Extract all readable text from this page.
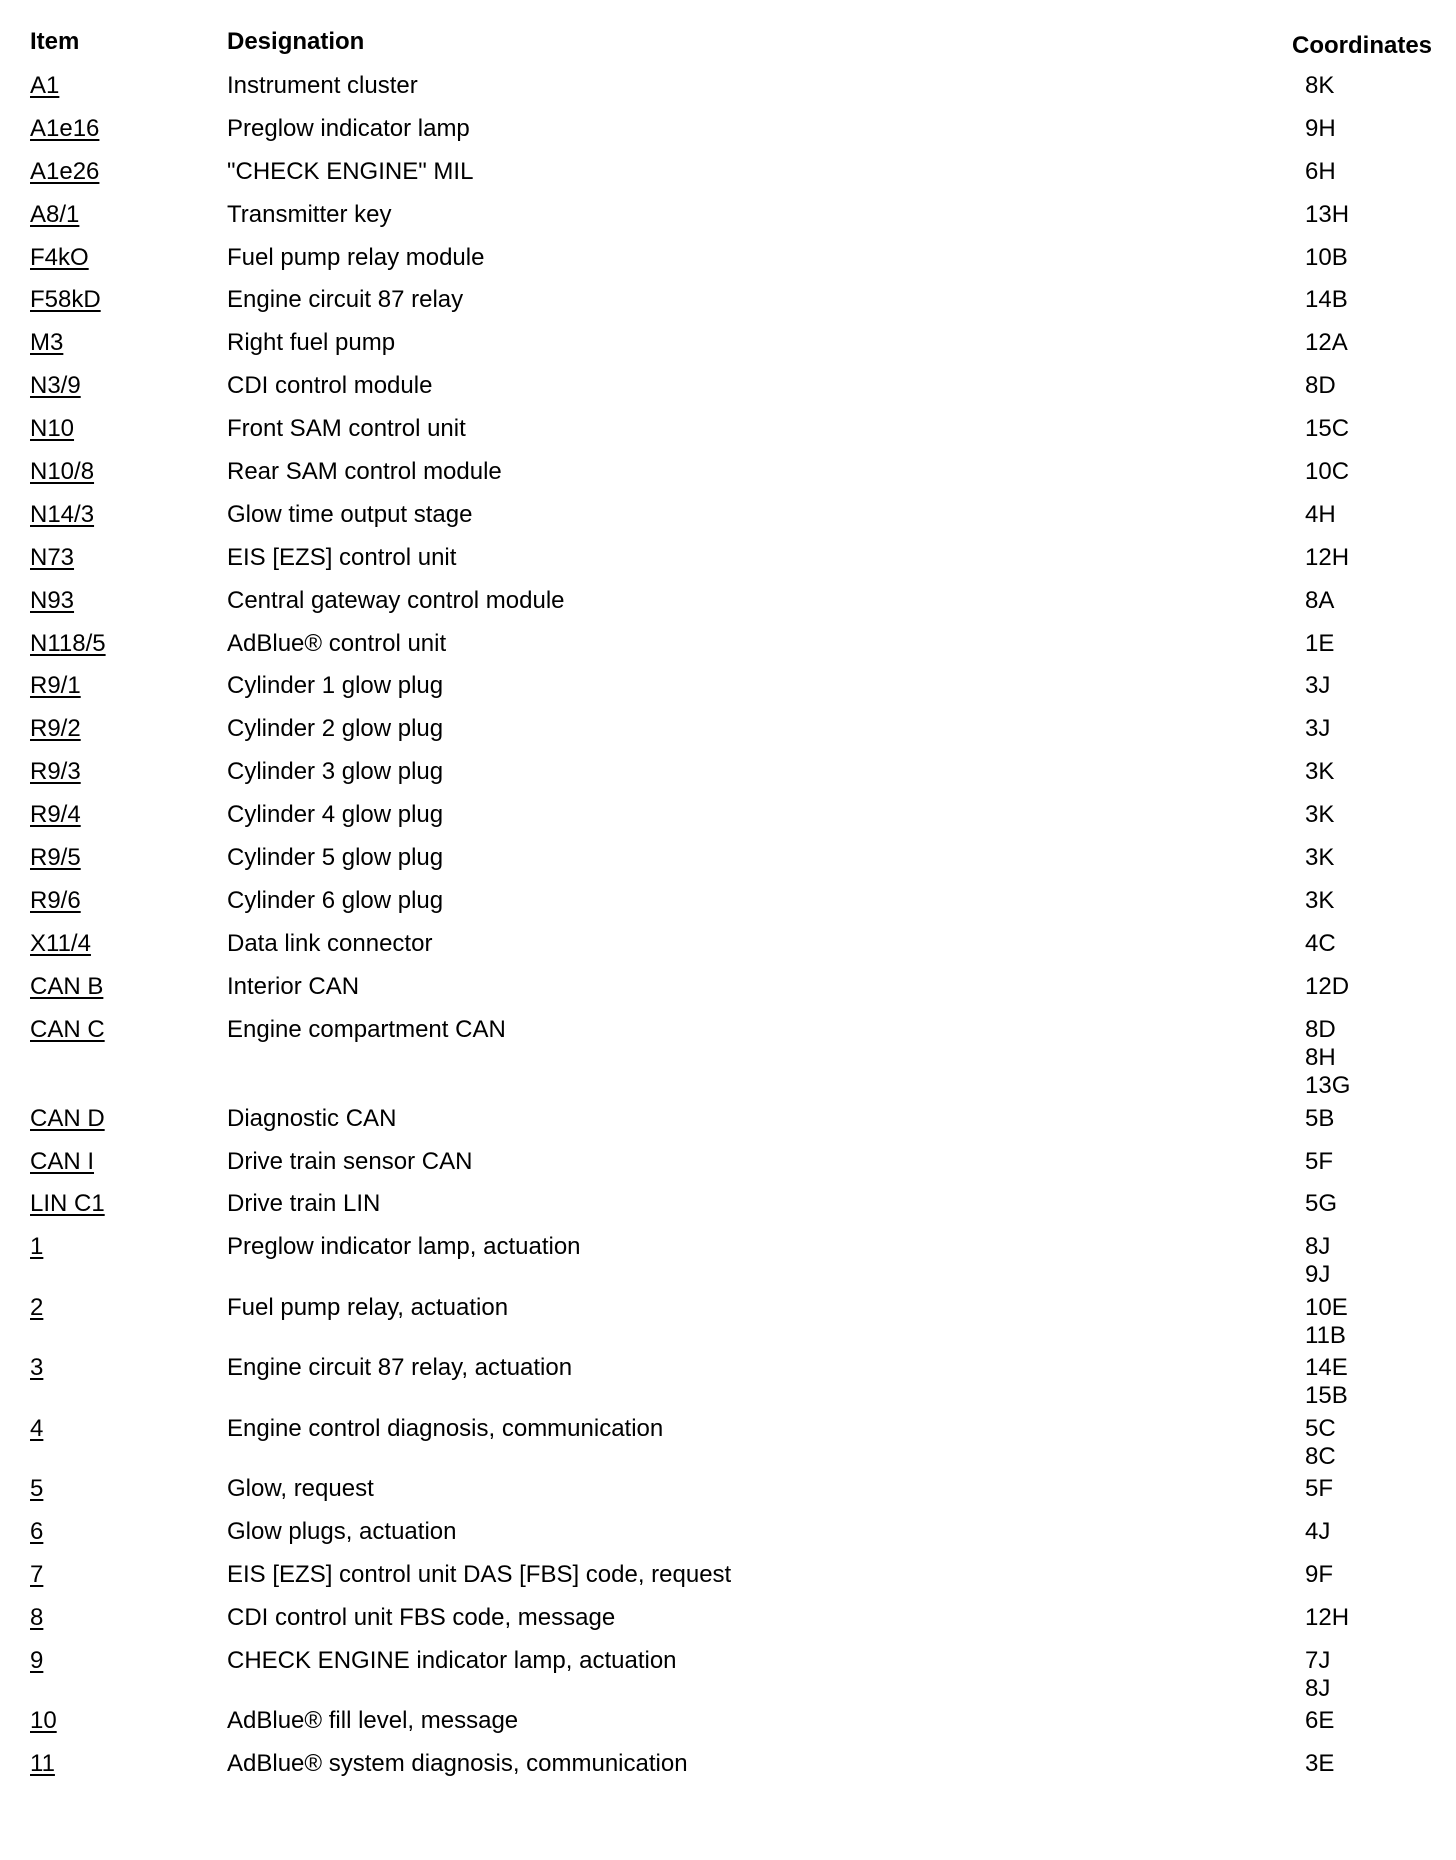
Item	Designation	Coordinates
A1	Instrument cluster	8K
A1e16	Preglow indicator lamp	9H
A1e26	"CHECK ENGINE" MIL	6H
A8/1	Transmitter key	13H
F4kO	Fuel pump relay module	10B
F58kD	Engine circuit 87 relay	14B
M3	Right fuel pump	12A
N3/9	CDI control module	8D
N10	Front SAM control unit	15C
N10/8	Rear SAM control module	10C
N14/3	Glow time output stage	4H
N73	EIS [EZS] control unit	12H
N93	Central gateway control module	8A
N118/5	AdBlue® control unit	1E
R9/1	Cylinder 1 glow plug	3J
R9/2	Cylinder 2 glow plug	3J
R9/3	Cylinder 3 glow plug	3K
R9/4	Cylinder 4 glow plug	3K
R9/5	Cylinder 5 glow plug	3K
R9/6	Cylinder 6 glow plug	3K
X11/4	Data link connector	4C
CAN B	Interior CAN	12D
CAN C	Engine compartment CAN	8D
8H
13G
CAN D	Diagnostic CAN	5B
CAN I	Drive train sensor CAN	5F
LIN C1	Drive train LIN	5G
1	Preglow indicator lamp, actuation	8J
9J
2	Fuel pump relay, actuation	10E
11B
3	Engine circuit 87 relay, actuation	14E
15B
4	Engine control diagnosis, communication	5C
8C
5	Glow, request	5F
6	Glow plugs, actuation	4J
7	EIS [EZS] control unit DAS [FBS] code, request	9F
8	CDI control unit FBS code, message	12H
9	CHECK ENGINE indicator lamp, actuation	7J
8J
10	AdBlue® fill level, message	6E
11	AdBlue® system diagnosis, communication	3E
